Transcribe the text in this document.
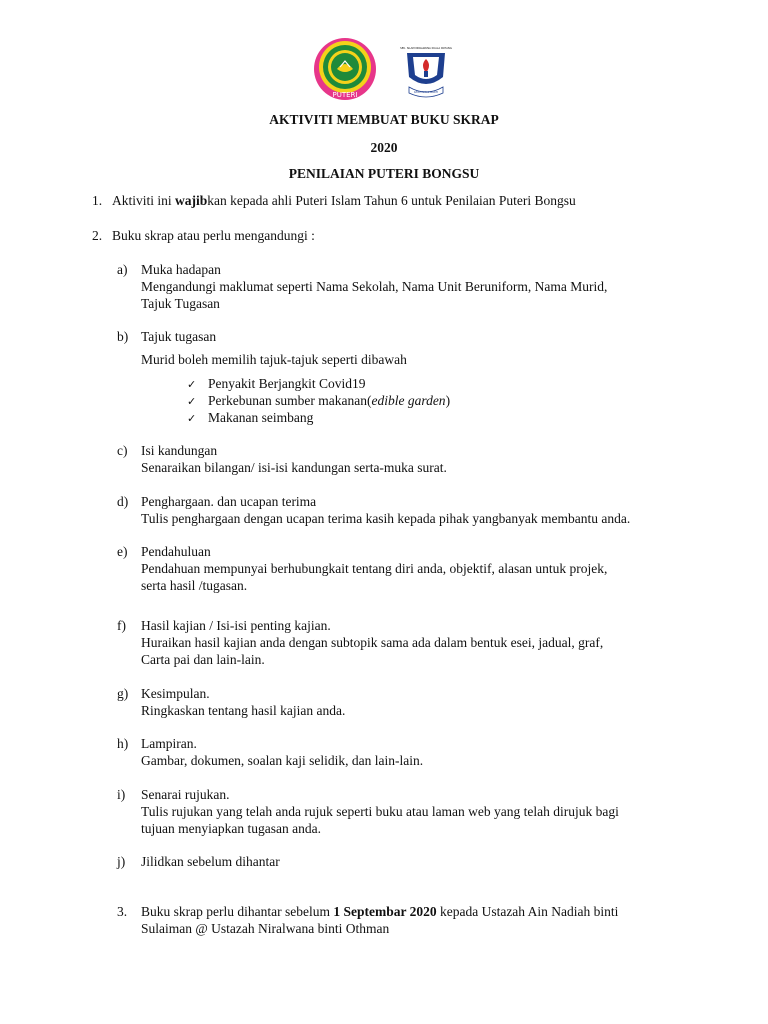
PUTERI
SEK. ISLAM NIRALWANA KUALA PAHANG
ILMU AMAL BAKTI
AKTIVITI MEMBUAT BUKU SKRAP
2020
PENILAIAN PUTERI BONGSU
1. Aktiviti ini wajibkan kepada ahli Puteri Islam Tahun 6 untuk Penilaian Puteri Bongsu
2. Buku skrap atau perlu mengandungi :
a) Muka hadapan
Mengandungi maklumat seperti Nama Sekolah, Nama Unit Beruniform, Nama Murid,
Tajuk Tugasan
b) Tajuk tugasan
Murid boleh memilih tajuk-tajuk seperti dibawah
✓ Penyakit Berjangkit Covid19
✓ Perkebunan sumber makanan(edible garden)
✓ Makanan seimbang
c) Isi kandungan
Senaraikan bilangan/ isi-isi kandungan serta-muka surat.
d) Penghargaan. dan ucapan terima
Tulis penghargaan dengan ucapan terima kasih kepada pihak yangbanyak membantu anda.
e) Pendahuluan
Pendahuan mempunyai berhubungkait tentang diri anda, objektif, alasan untuk projek,
serta hasil /tugasan.
f) Hasil kajian / Isi-isi penting kajian.
Huraikan hasil kajian anda dengan subtopik sama ada dalam bentuk esei, jadual, graf,
Carta pai dan lain-lain.
g) Kesimpulan.
Ringkaskan tentang hasil kajian anda.
h) Lampiran.
Gambar, dokumen, soalan kaji selidik, dan lain-lain.
i) Senarai rujukan.
Tulis rujukan yang telah anda rujuk seperti buku atau laman web yang telah dirujuk bagi
tujuan menyiapkan tugasan anda.
j) Jilidkan sebelum dihantar
3. Buku skrap perlu dihantar sebelum 1 Septembar 2020 kepada Ustazah Ain Nadiah binti
Sulaiman @ Ustazah Niralwana binti Othman
